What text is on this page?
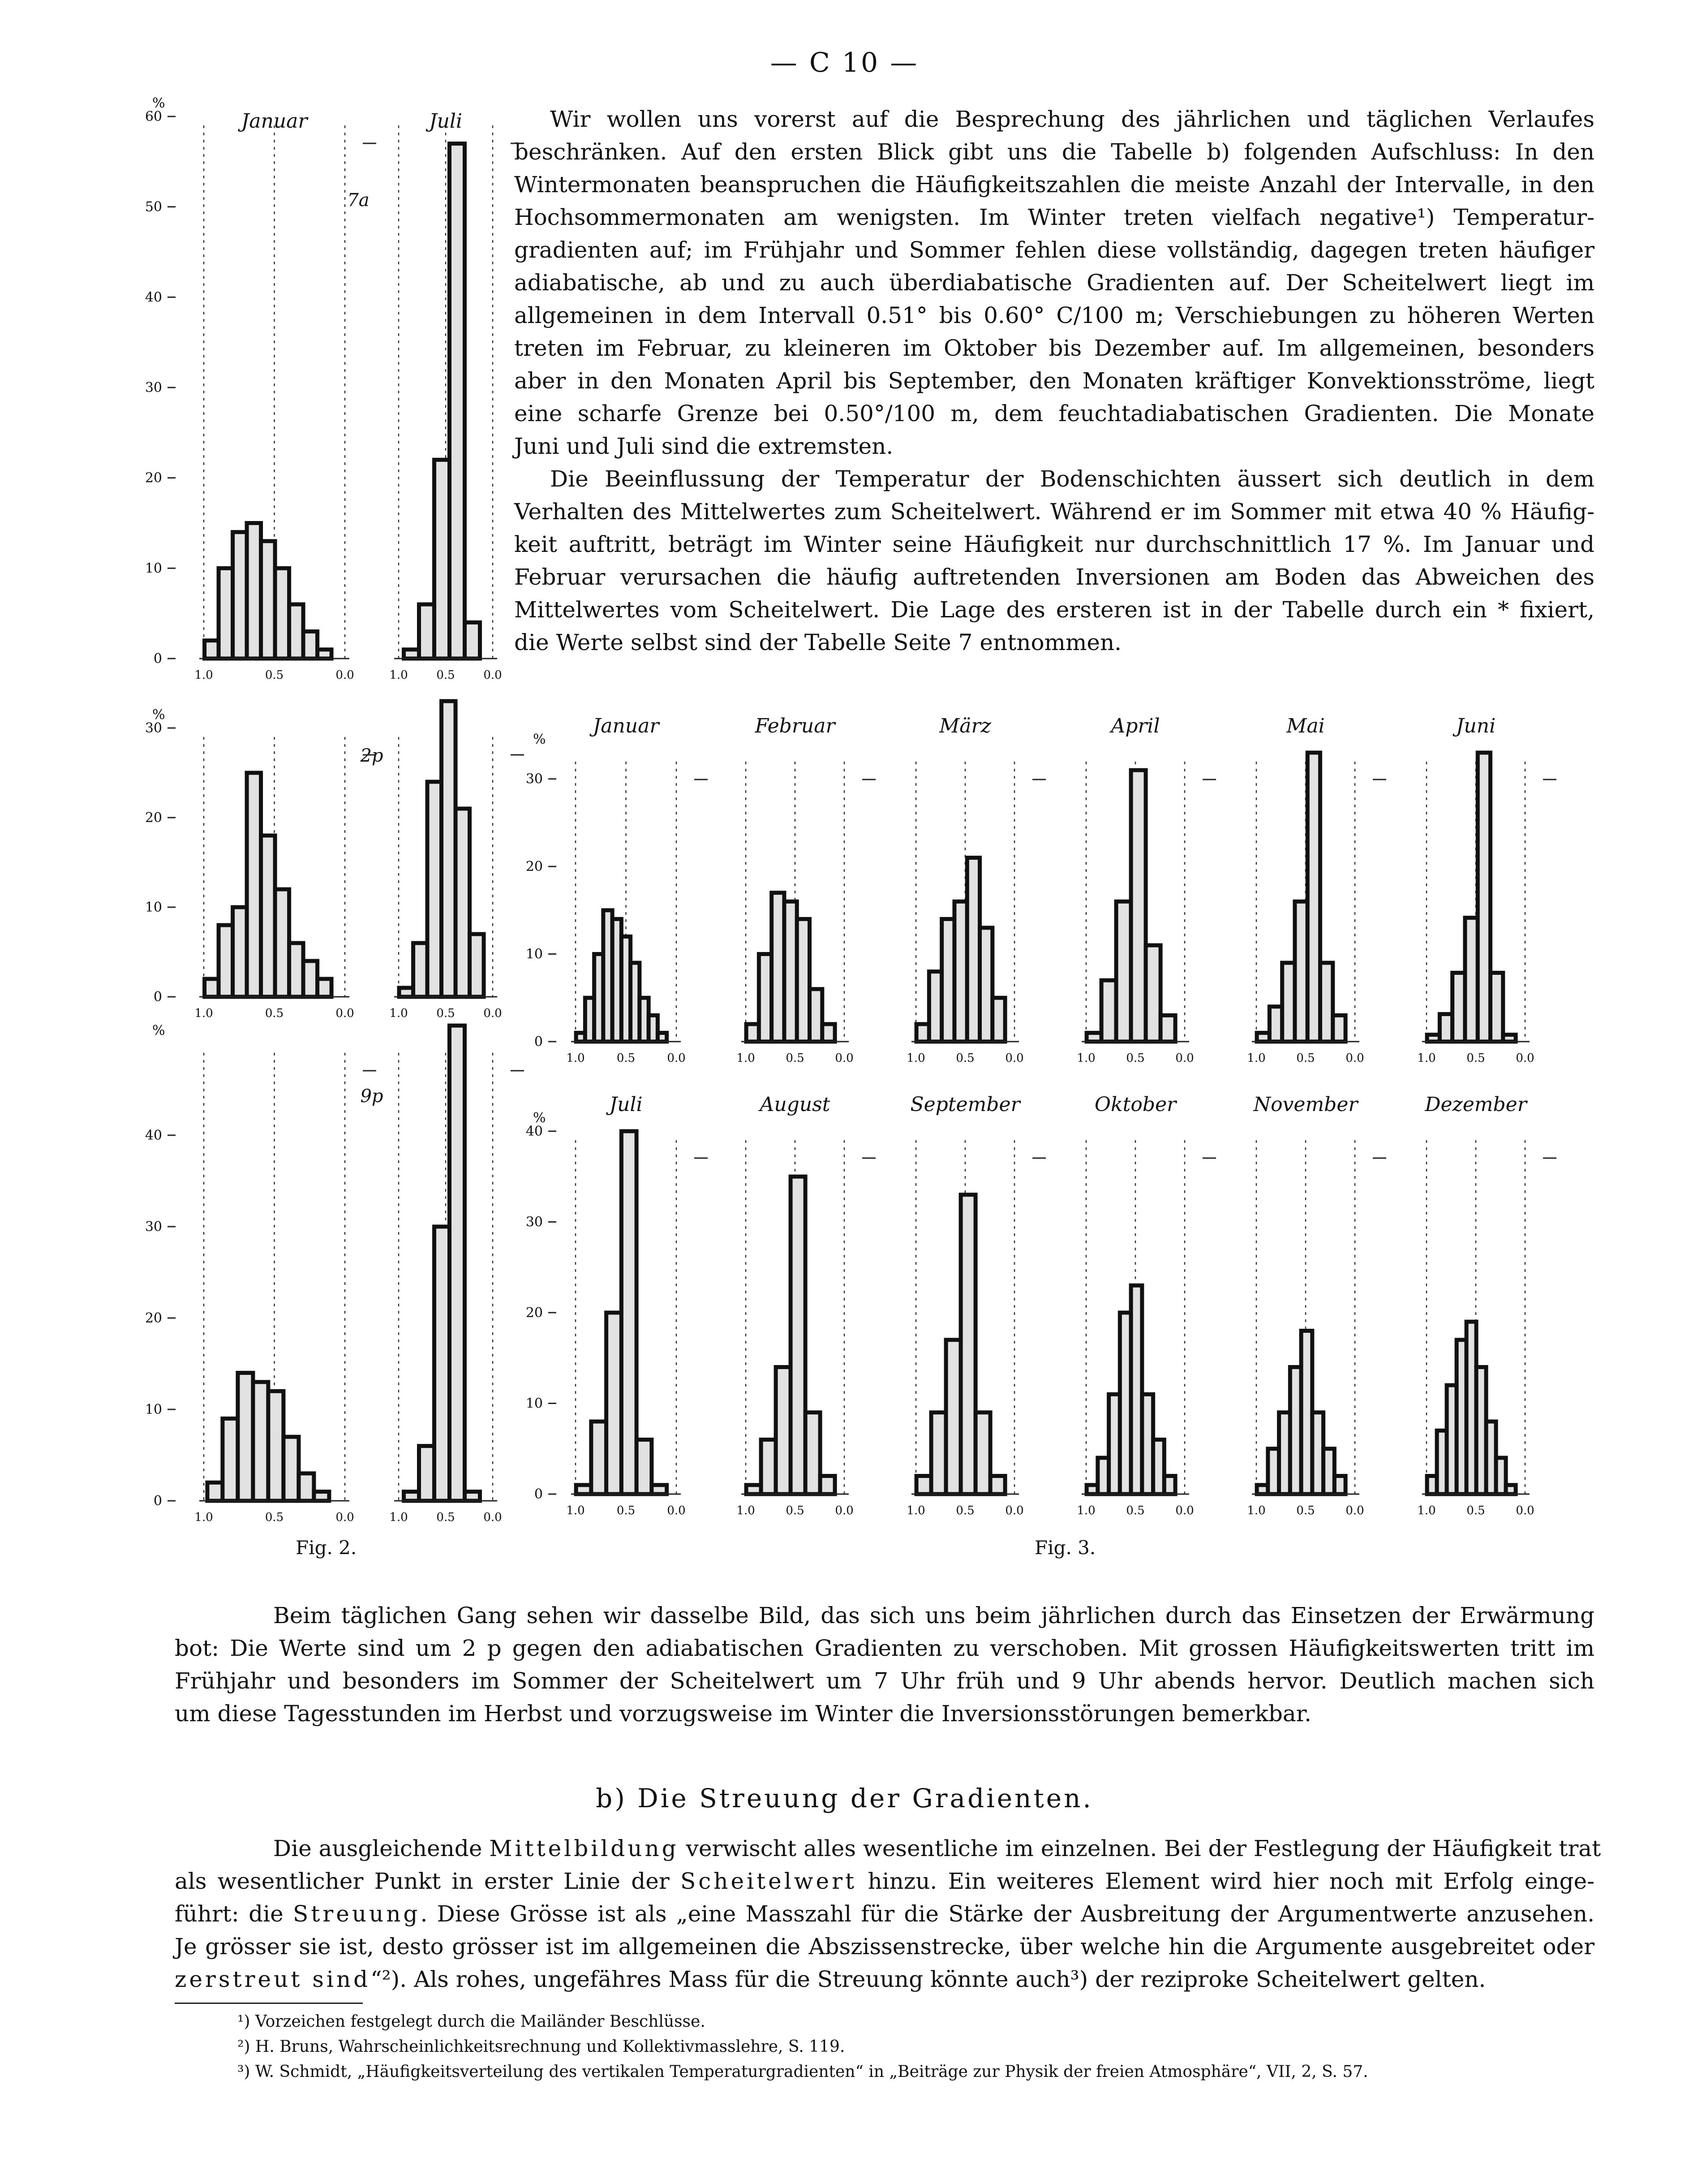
— C 10 —
Wir wollen uns vorerst auf die Besprechung des jährlichen und täglichen Verlaufes
beschränken. Auf den ersten Blick gibt uns die Tabelle b) folgenden Aufschluss: In den
Wintermonaten beanspruchen die Häufigkeitszahlen die meiste Anzahl der Intervalle, in den
Hochsommermonaten am wenigsten. Im Winter treten vielfach negative¹) Temperatur-
gradienten auf; im Frühjahr und Sommer fehlen diese vollständig, dagegen treten häufiger
adiabatische, ab und zu auch überdiabatische Gradienten auf. Der Scheitelwert liegt im
allgemeinen in dem Intervall 0.51° bis 0.60° C/100 m; Verschiebungen zu höheren Werten
treten im Februar, zu kleineren im Oktober bis Dezember auf. Im allgemeinen, besonders
aber in den Monaten April bis September, den Monaten kräftiger Konvektionsströme, liegt
eine scharfe Grenze bei 0.50°/100 m, dem feuchtadiabatischen Gradienten. Die Monate
Juni und Juli sind die extremsten.
Die Beeinflussung der Temperatur der Bodenschichten äussert sich deutlich in dem
Verhalten des Mittelwertes zum Scheitelwert. Während er im Sommer mit etwa 40 % Häufig-
keit auftritt, beträgt im Winter seine Häufigkeit nur durchschnittlich 17 %. Im Januar und
Februar verursachen die häufig auftretenden Inversionen am Boden das Abweichen des
Mittelwertes vom Scheitelwert. Die Lage des ersteren ist in der Tabelle durch ein * fixiert,
die Werte selbst sind der Tabelle Seite 7 entnommen.
0
10
20
30
40
50
60
%
7a
1.0	0.5	0.0
Januar
1.0 0.5 0.0
Juli
0
10
20
30
%
2p
1.0	0.5	0.0	1.0 0.5 0.0
0
10
20
30
40
%
9p
1.0	0.5	0.0	1.0 0.5 0.0
0
10
20
30
%
1.0	0.5	0.0
Januar
1.0	0.5	0.0
Februar
1.0	0.5	0.0
März
1.0	0.5	0.0
April
1.0	0.5	0.0
Mai
1.0	0.5	0.0
Juni
0
10
20
30
40
%
1.0	0.5	0.0
Juli
1.0	0.5	0.0
August
1.0	0.5	0.0
September
1.0	0.5	0.0
Oktober
1.0	0.5	0.0
November
1.0	0.5	0.0
Dezember
Fig. 2.	Fig. 3.
Beim täglichen Gang sehen wir dasselbe Bild, das sich uns beim jährlichen durch das Einsetzen der Erwärmung
bot: Die Werte sind um 2 p gegen den adiabatischen Gradienten zu verschoben. Mit grossen Häufigkeitswerten tritt im
Frühjahr und besonders im Sommer der Scheitelwert um 7 Uhr früh und 9 Uhr abends hervor. Deutlich machen sich
um diese Tagesstunden im Herbst und vorzugsweise im Winter die Inversionsstörungen bemerkbar.
b) Die Streuung der Gradienten.
Die ausgleichende Mittelbildung verwischt alles wesentliche im einzelnen. Bei der Festlegung der Häufigkeit trat
als wesentlicher Punkt in erster Linie der Scheitelwert hinzu. Ein weiteres Element wird hier noch mit Erfolg einge-
führt: die Streuung. Diese Grösse ist als „eine Masszahl für die Stärke der Ausbreitung der Argumentwerte anzusehen.
Je grösser sie ist, desto grösser ist im allgemeinen die Abszissenstrecke, über welche hin die Argumente ausgebreitet oder
zerstreut sind“²). Als rohes, ungefähres Mass für die Streuung könnte auch³) der reziproke Scheitelwert gelten.
¹) Vorzeichen festgelegt durch die Mailänder Beschlüsse.
²) H. Bruns, Wahrscheinlichkeitsrechnung und Kollektivmasslehre, S. 119.
³) W. Schmidt, „Häufigkeitsverteilung des vertikalen Temperaturgradienten“ in „Beiträge zur Physik der freien Atmosphäre“, VII, 2, S. 57.
